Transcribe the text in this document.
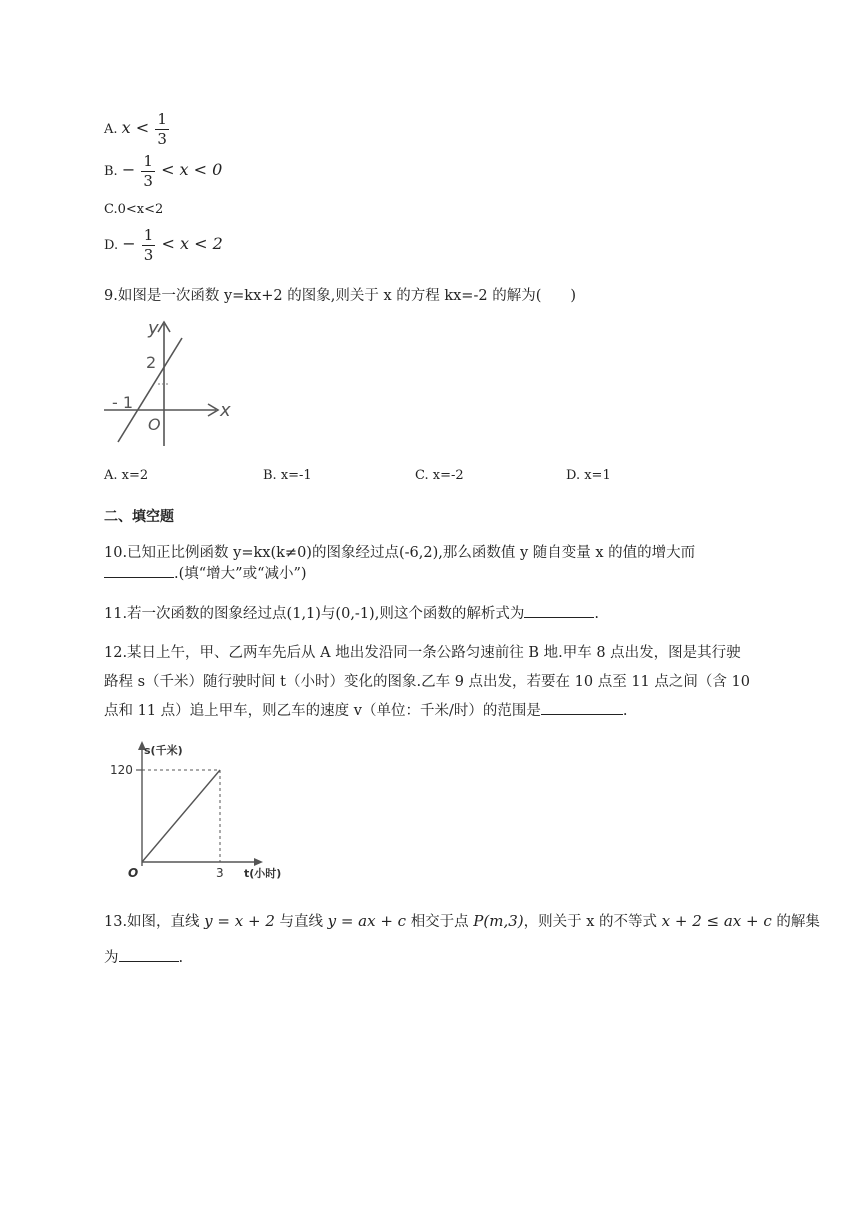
A. $x < \frac{1}{3}$
B. − $\frac{1}{3} < x < 0$
C.0<x<2
D. − $\frac{1}{3} < x < 2$
9.如图是一次函数 y=kx+2 的图象,则关于 x 的方程 kx=-2 的解为(　　)
y
x
2
- 1
O
A. x=2	B. x=-1	C. x=-2	D. x=1
二、填空题
10.已知正比例函数 y=kx(k≠0)的图象经过点(-6,2),那么函数值 y 随自变量 x 的值的增大而
.(填“增大”或“减小”)
11.若一次函数的图象经过点(1,1)与(0,-1),则这个函数的解析式为	.
12.某日上午，甲、乙两车先后从 A 地出发沿同一条公路匀速前往 B 地.甲车 8 点出发，图是其行驶
路程 s（千米）随行驶时间 t（小时）变化的图象.乙车 9 点出发，若要在 10 点至 11 点之间（含 10
点和 11 点）追上甲车，则乙车的速度 v（单位：千米/时）的范围是	.
s(千米)
t(小时)
120
3
O
13.如图，直线 y = x + 2 与直线 y = ax + c 相交于点 P(m,3)，则关于 x 的不等式 x + 2 ≤ ax + c 的解集
为	.
